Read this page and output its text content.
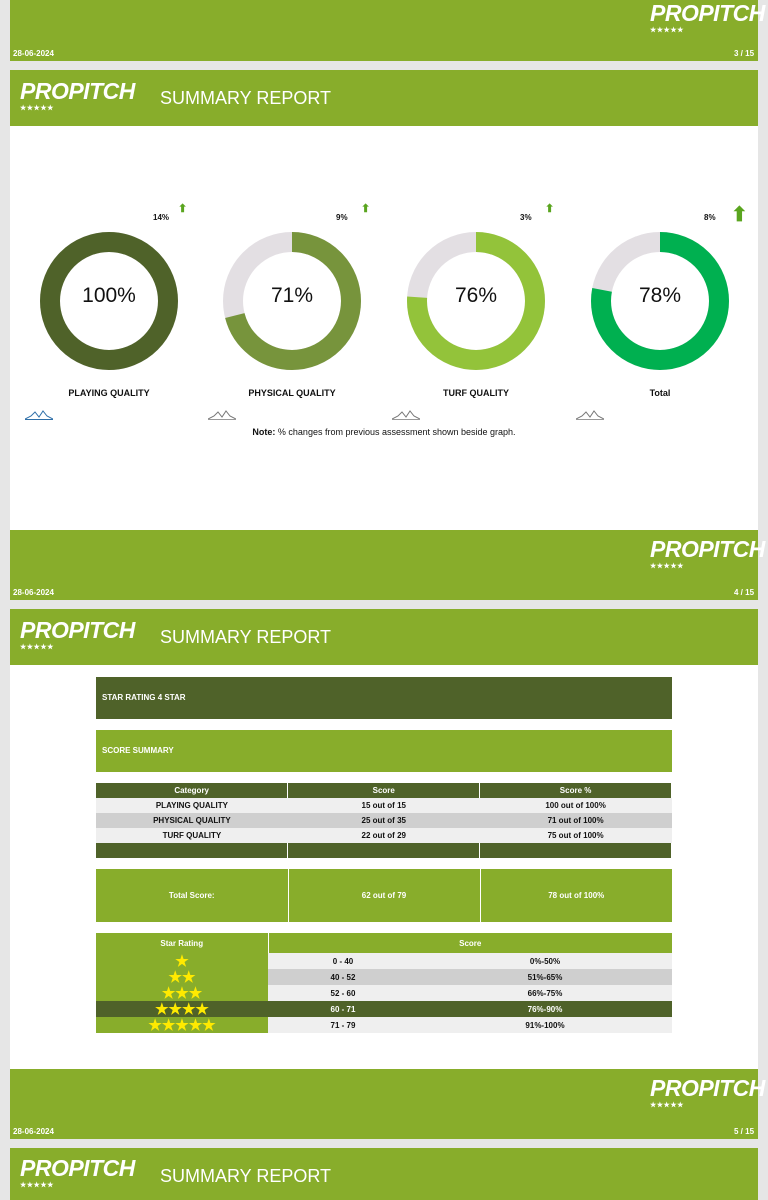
PROPITCH
★★★★★
28-06-2024	3 / 15
PROPITCH
★★★★★
SUMMARY REPORT
100%
PLAYING QUALITY
14%
⬆
71%
PHYSICAL QUALITY
9%
⬆
76%
TURF QUALITY
3%
⬆
78%
Total
8% ⬆
Note: % changes from previous assessment shown beside graph.
PROPITCH
★★★★★
28-06-2024	4 / 15
PROPITCH
★★★★★
SUMMARY REPORT
STAR RATING 4 STAR
SCORE SUMMARY
Category	Score	Score %
PLAYING QUALITY	15 out of 15	100 out of 100%
PHYSICAL QUALITY	25 out of 35	71 out of 100%
TURF QUALITY	22 out of 29	75 out of 100%

Total Score:	62 out of 79	78 out of 100%
Star Rating	Score	
★	0 - 40	0%-50%
★★	40 - 52	51%-65%
★★★	52 - 60	66%-75%
★★★★	60 - 71	76%-90%
★★★★★	71 - 79	91%-100%
PROPITCH
★★★★★
28-06-2024	5 / 15
PROPITCH
★★★★★	SUMMARY REPORT
